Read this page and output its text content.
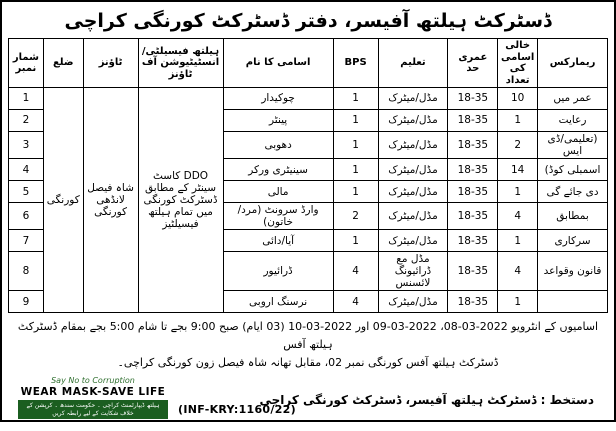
ڈسٹرکٹ ہیلتھ آفیسر، دفتر ڈسٹرکٹ کورنگی کراچی
ریمارکس	خالی اسامی کی تعداد	عمری حد	تعلیم	BPS	اسامی کا نام	ہیلتھ فیسیلٹی/ انسٹیٹیوشن آف ٹاؤنز	ٹاؤنز	ضلع	شمار نمبر
عمر میں	10	18-35	مڈل/میٹرک	1	چوکیدار	DDO کاسٹ سینٹر کے مطابق ڈسٹرکٹ کورنگی میں تمام ہیلتھ فیسیلٹیز	شاہ فیصل لانڈھی کورنگی	کورنگی	1
رعایت	1	18-35	مڈل/میٹرک	1	پینٹر				2
(تعلیمی/ڈی ایس	2	18-35	مڈل/میٹرک	1	دھوبی				3
اسمبلی کوڈ)	14	18-35	مڈل/میٹرک	1	سینیٹری ورکر				4
دی جائے گی	1	18-35	مڈل/میٹرک	1	مالی				5
بمطابق	4	18-35	مڈل/میٹرک	2	وارڈ سرونٹ (مرد/خاتون)				6
سرکاری	1	18-35	مڈل/میٹرک	1	آیا/دائی				7
قانون وقواعد	4	18-35	مڈل مع ڈرائیونگ لائسنس	4	ڈرائیور				8
	1	18-35	مڈل/میٹرک	4	نرسنگ اروبی				9
اسامیوں کے انٹرویو 2022-03-08، 2022-03-09 اور 2022-03-10 (03 ایام) صبح 9:00 بجے تا شام 5:00 بجے بمقام ڈسٹرکٹ ہیلتھ آفس
ڈسٹرکٹ ہیلتھ آفس کورنگی نمبر 02، مقابل تھانہ شاہ فیصل زون کورنگی کراچی۔
Say No to Corruption
WEAR MASK-SAVE LIFE
ہیلتھ ڈیپارٹمنٹ کراچی ۔ حکومت سندھ ۔ کرپشن کے خلاف شکایت کے لیے رابطہ کریں	(INF-KRY:1160/22)
دستخط : ڈسٹرکٹ ہیلتھ آفیسر، ڈسٹرکٹ کورنگی کراچی
